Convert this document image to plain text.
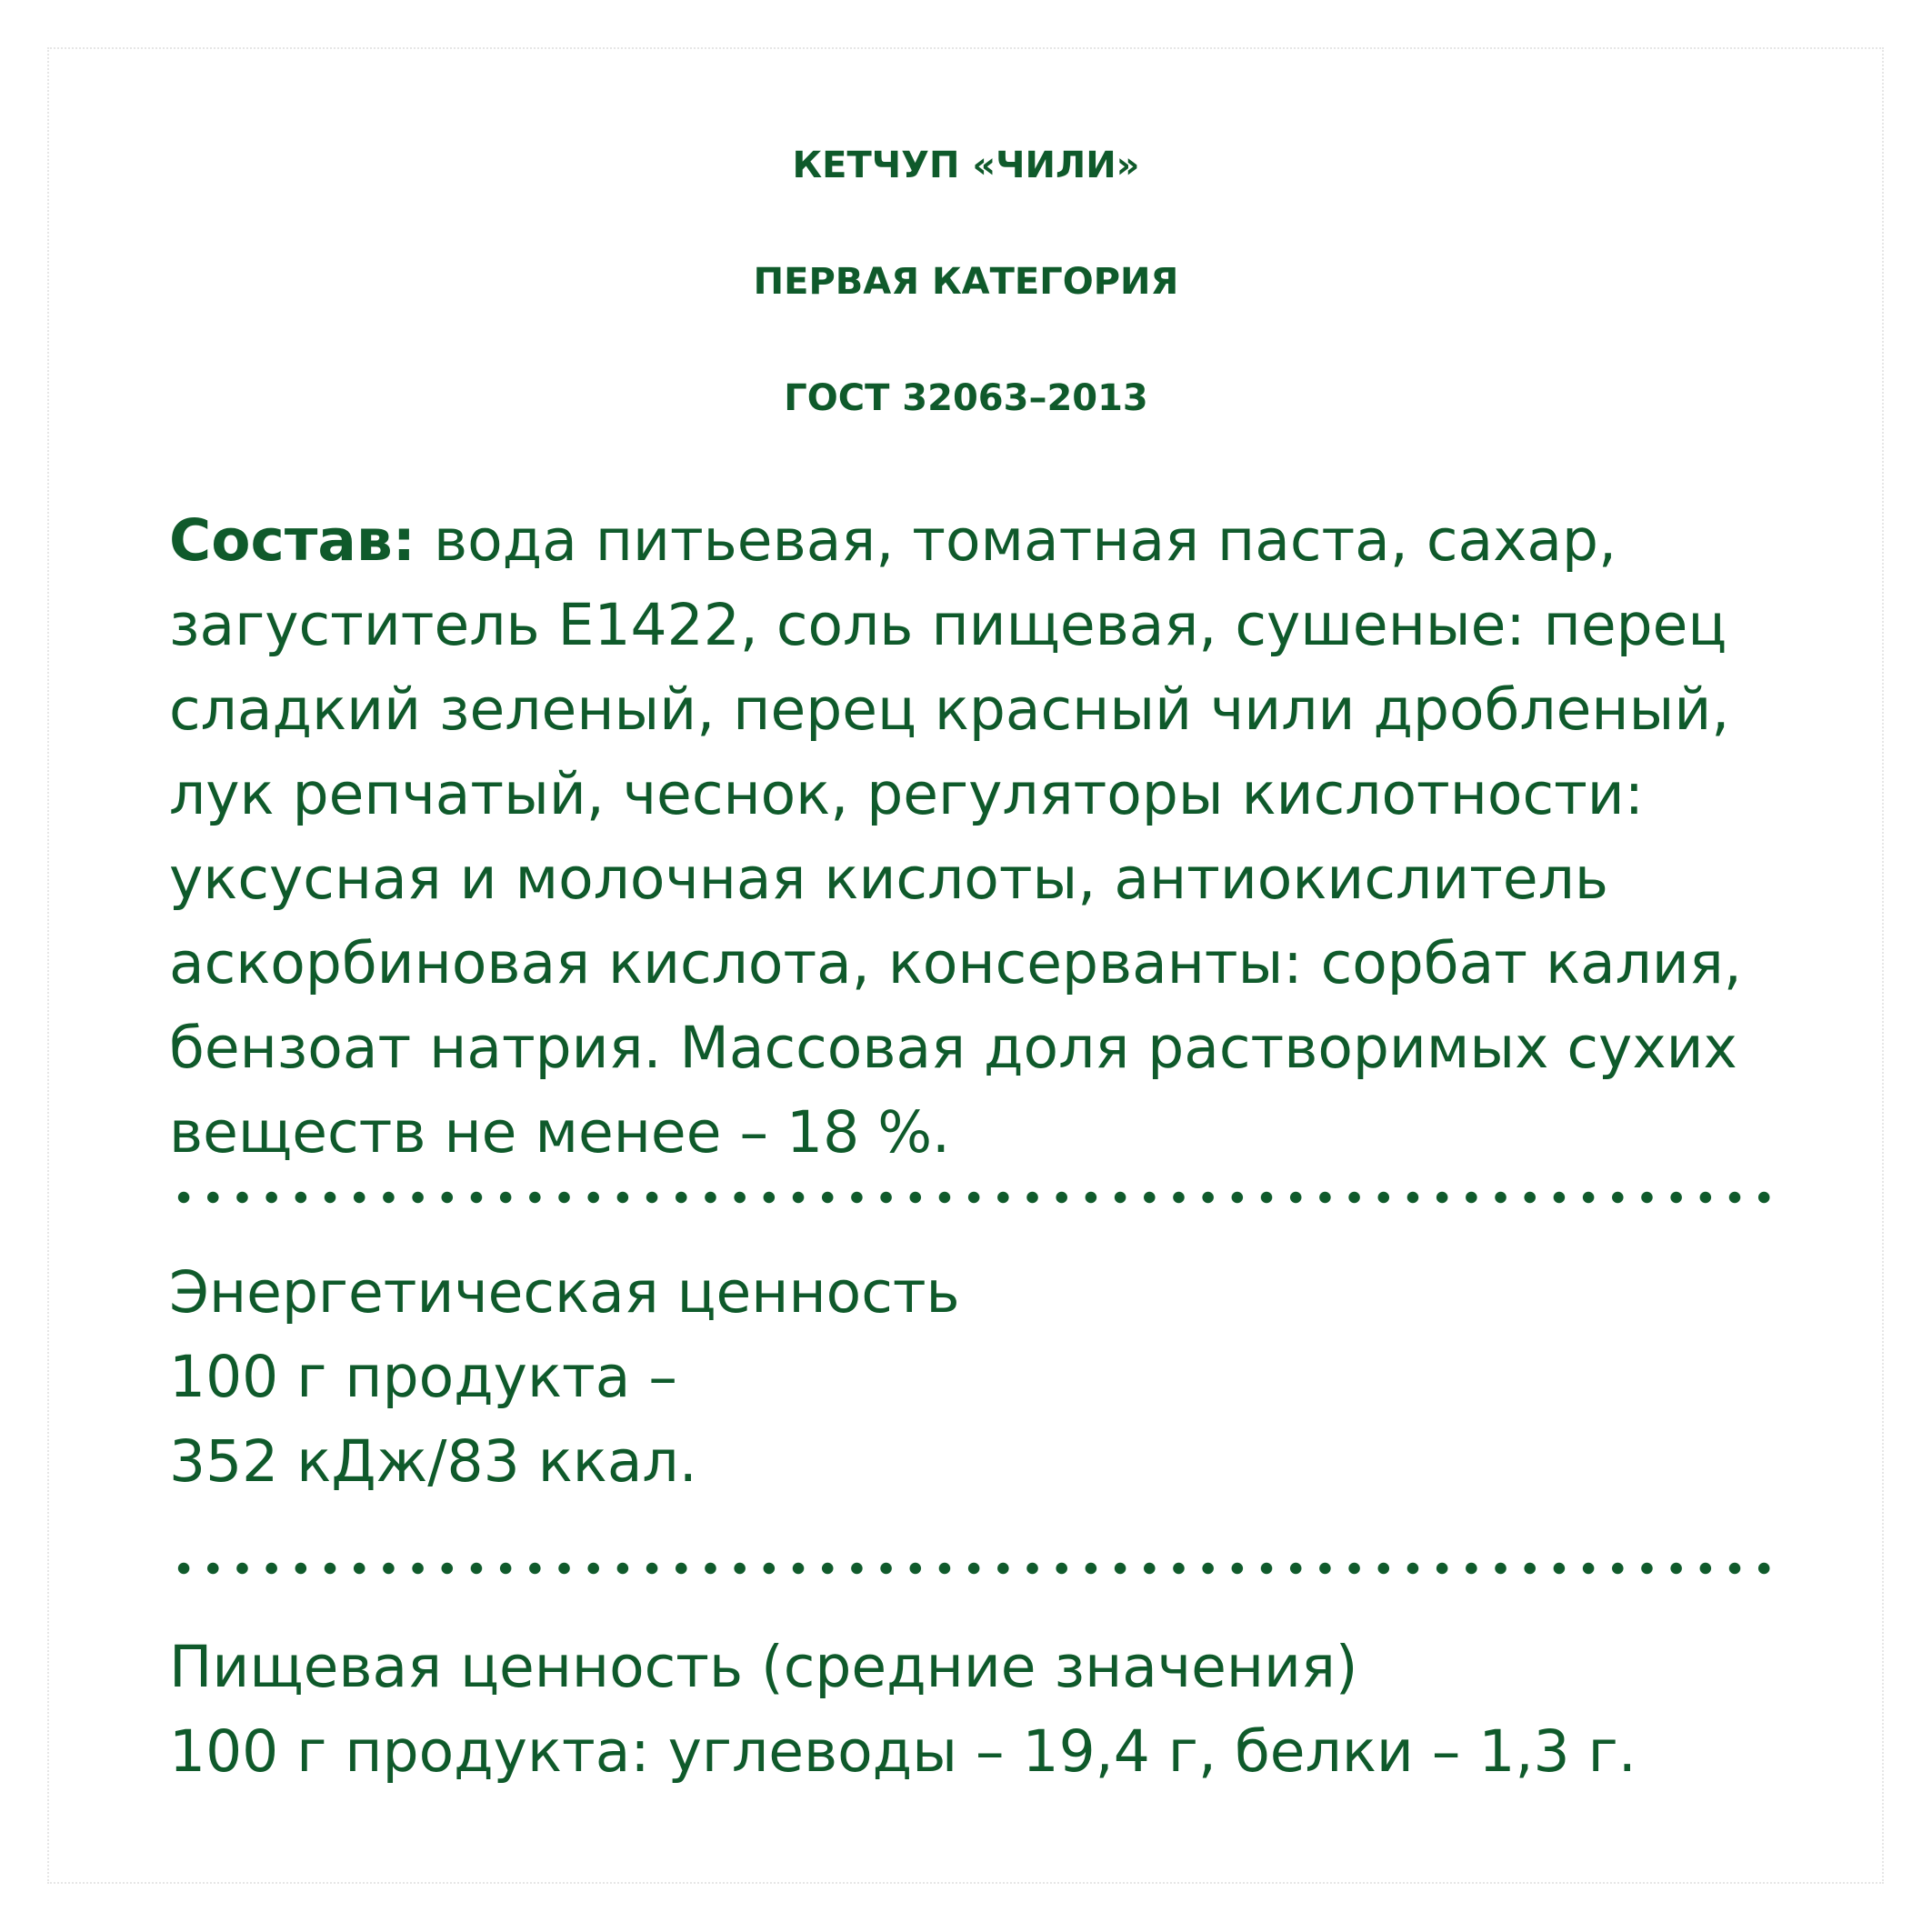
КЕТЧУП «ЧИЛИ»
ПЕРВАЯ КАТЕГОРИЯ
ГОСТ 32063–2013
Состав: вода питьевая, томатная паста, сахар,
загуститель Е1422, соль пищевая, сушеные: перец
сладкий зеленый, перец красный чили дробленый,
лук репчатый, чеснок, регуляторы кислотности:
уксусная и молочная кислоты, антиокислитель
аскорбиновая кислота, консерванты: сорбат калия,
бензоат натрия. Массовая доля растворимых сухих
веществ не менее – 18 %.
Энергетическая ценность
100 г продукта –
352 кДж/83 ккал.
Пищевая ценность (средние значения)
100 г продукта: углеводы – 19,4 г, белки – 1,3 г.
